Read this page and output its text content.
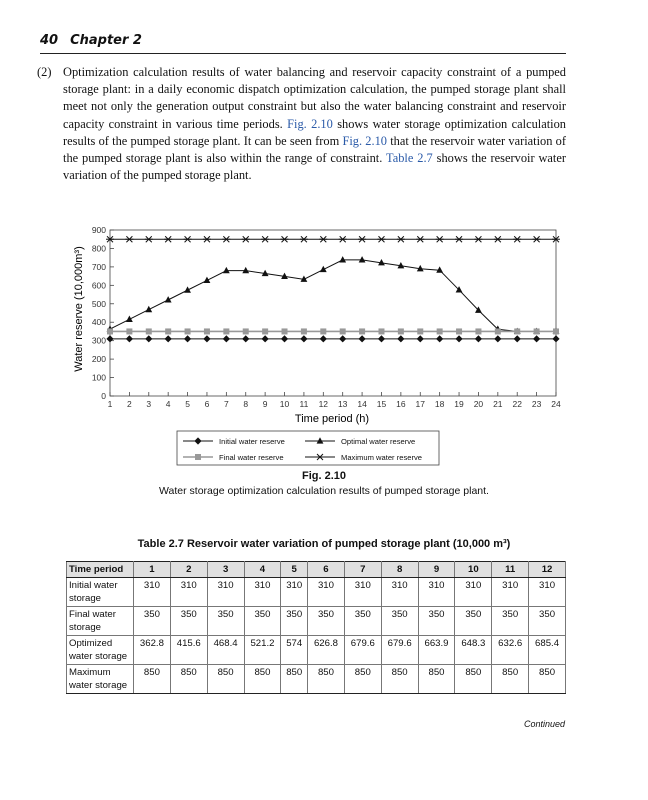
40 Chapter 2
(2) Optimization calculation results of water balancing and reservoir capacity constraint of a pumped storage plant: in a daily economic dispatch optimization calculation, the pumped storage plant shall meet not only the generation output constraint but also the water balancing constraint and reservoir capacity constraint in various time periods. Fig. 2.10 shows water storage optimization calculation results of the pumped storage plant. It can be seen from Fig. 2.10 that the reservoir water variation of the pumped storage plant is also within the range of constraint. Table 2.7 shows the reservoir water variation of the pumped storage plant.
0
100
200
300
400
500
600
700
800
900
1 2 3 4 5 6 7 8 9 10 11 12 13 14 15 16 17 18 19 20 21 22 23 24
Water reserve (10,000m³)
Time period (h)
Initial water reserve	Optimal water reserve
Final water reserve	Maximum water reserve
Fig. 2.10
Water storage optimization calculation results of pumped storage plant.
Table 2.7 Reservoir water variation of pumped storage plant (10,000 m³)
Time period	1	2	3	4	5	6	7	8	9	10	11	12
Initial water storage	310	310	310	310	310	310	310	310	310	310	310	310
Final water storage	350	350	350	350	350	350	350	350	350	350	350	350
Optimized water storage	362.8	415.6	468.4	521.2	574	626.8	679.6	679.6	663.9	648.3	632.6	685.4
Maximum water storage	850	850	850	850	850	850	850	850	850	850	850	850
Continued
